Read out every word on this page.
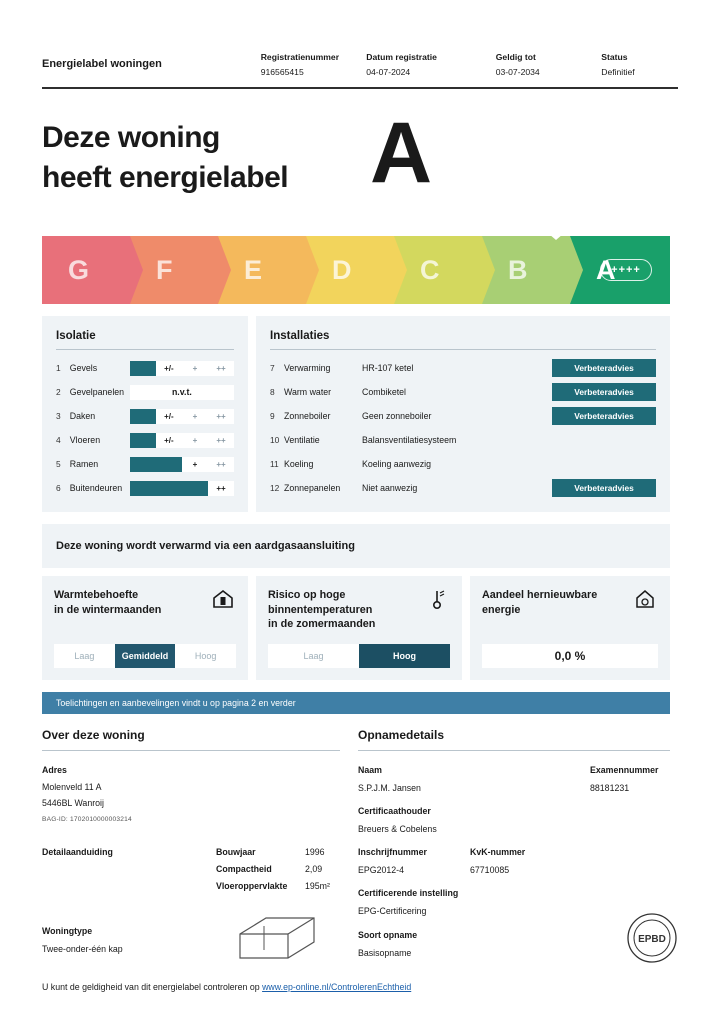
Energielabel woningen
Registratienummer
916565415
Datum registratie
04-07-2024
Geldig tot
03-07-2034
Status
Definitief
Deze woning
heeft energielabel A
G F	E	D	C	B	A
++++
Isolatie
1	Gevels	+/-	+	++
2	Gevelpanelen	n.v.t.
3	Daken	+/-	+	++
4	Vloeren	+/-	+	++
5	Ramen	+	++
6	Buitendeuren	++
Installaties
7	Verwarming	HR-107 ketel	Verbeteradvies
8	Warm water	Combiketel	Verbeteradvies
9	Zonneboiler	Geen zonneboiler	Verbeteradvies
10 Ventilatie	Balansventilatiesysteem
11 Koeling	Koeling aanwezig
12 Zonnepanelen	Niet aanwezig	Verbeteradvies
Deze woning wordt verwarmd via een aardgasaansluiting
Warmtebehoefte
in de wintermaanden
Laag	Gemiddeld	Hoog
Risico op hoge
binnentemperaturen
in de zomermaanden
Laag	Hoog
Aandeel hernieuwbare
energie
0,0 %
Toelichtingen en aanbevelingen vindt u op pagina 2 en verder
Over deze woning
Adres
Molenveld 11 A
5446BL Wanroij
BAG-ID: 1702010000003214
Detailaanduiding	Bouwjaar	1996
Compactheid	2,09
Vloeroppervlakte 195m²
Woningtype
Twee-onder-één kap
Opnamedetails
Naam
S.P.J.M. Jansen
Examennummer
88181231
Certificaathouder
Breuers & Cobelens
Inschrijfnummer
EPG2012-4
KvK-nummer
67710085
Certificerende instelling
EPG-Certificering
Soort opname
Basisopname
EPBD
U kunt de geldigheid van dit energielabel controleren op www.ep-online.nl/ControlerenEchtheid
